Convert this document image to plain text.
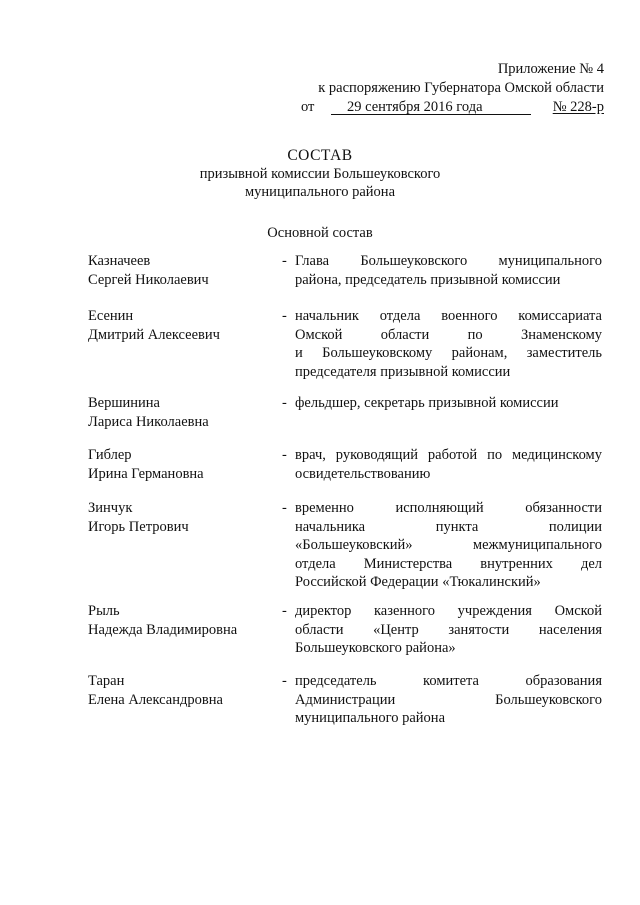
Приложение № 4
к распоряжению Губернатора Омской области
от 29 сентября 2016 года	№ 228-р
СОСТАВ
призывной комиссии Большеуковского
муниципального района
Основной состав
Казначеев
Сергей Николаевич
- Глава Большеуковского муниципального
района, председатель призывной комиссии
Есенин
Дмитрий Алексеевич
- начальник отдела военного комиссариата
Омской области по Знаменскому
и Большеуковскому районам, заместитель
председателя призывной комиссии
Вершинина
Лариса Николаевна
- фельдшер, секретарь призывной комиссии
Гиблер
Ирина Германовна
- врач, руководящий работой по медицинскому
освидетельствованию
Зинчук
Игорь Петрович
- временно исполняющий обязанности
начальника пункта полиции
«Большеуковский» межмуниципального
отдела Министерства внутренних дел
Российской Федерации «Тюкалинский»
Рыль
Надежда Владимировна
- директор казенного учреждения Омской
области «Центр занятости населения
Большеуковского района»
Таран
Елена Александровна
- председатель комитета образования
Администрации Большеуковского
муниципального района
